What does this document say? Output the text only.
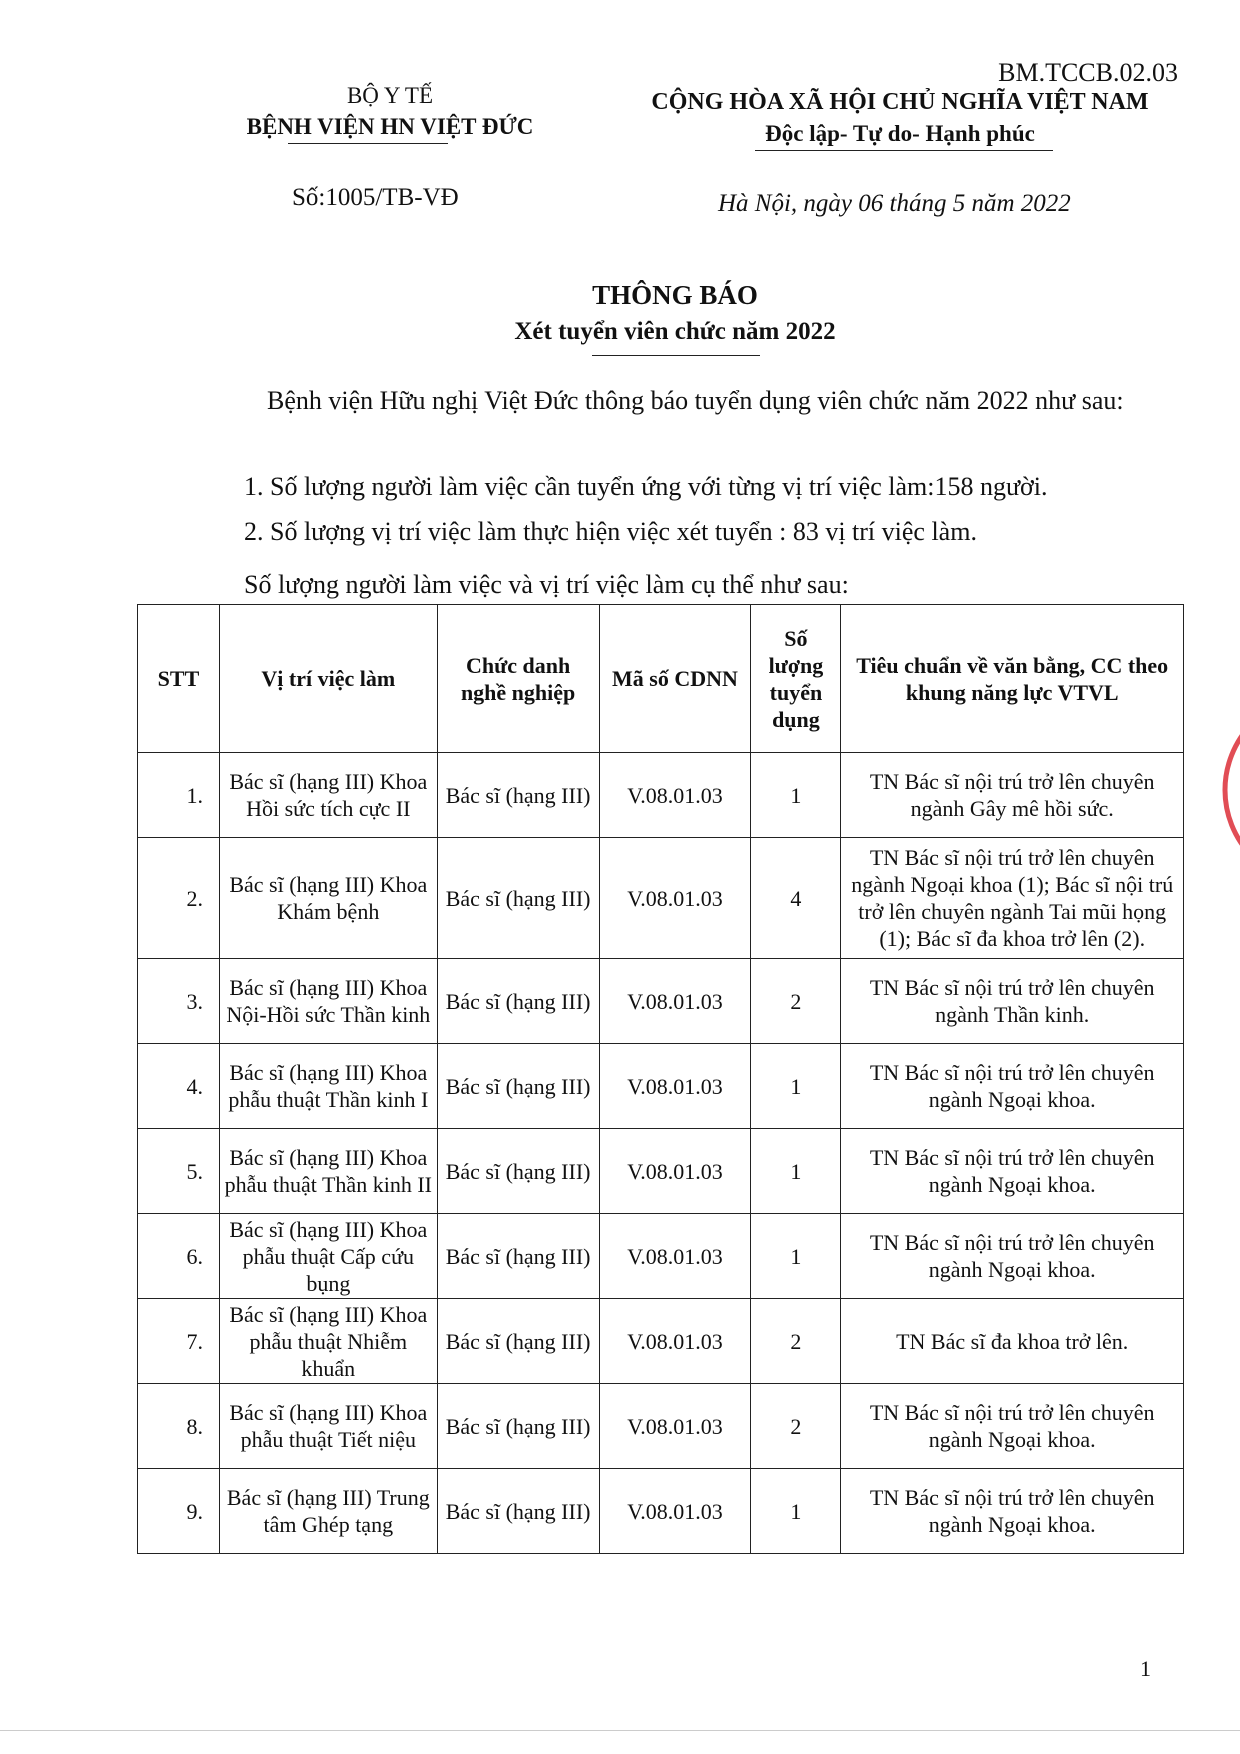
BM.TCCB.02.03
BỘ Y TẾ
BỆNH VIỆN HN VIỆT ĐỨC
CỘNG HÒA XÃ HỘI CHỦ NGHĨA VIỆT NAM
Độc lập- Tự do- Hạnh phúc
Số:1005/TB-VĐ	Hà Nội, ngày 06 tháng 5 năm 2022
THÔNG BÁO
Xét tuyển viên chức năm 2022
Bệnh viện Hữu nghị Việt Đức thông báo tuyển dụng viên chức năm 2022 như sau:
1. Số lượng người làm việc cần tuyển ứng với từng vị trí việc làm:158 người.
2. Số lượng vị trí việc làm thực hiện việc xét tuyển : 83 vị trí việc làm.
Số lượng người làm việc và vị trí việc làm cụ thể như sau:
STT	Vị trí việc làm	Chức danh nghề nghiệp	Mã số CDNN	Số lượng tuyển dụng	Tiêu chuẩn về văn bằng, CC theo khung năng lực VTVL
1.	Bác sĩ (hạng III) Khoa Hồi sức tích cực II	Bác sĩ (hạng III)	V.08.01.03	1	TN Bác sĩ nội trú trở lên chuyên ngành Gây mê hồi sức.
2.	Bác sĩ (hạng III) Khoa Khám bệnh	Bác sĩ (hạng III)	V.08.01.03	4	TN Bác sĩ nội trú trở lên chuyên ngành Ngoại khoa (1); Bác sĩ nội trú trở lên chuyên ngành Tai mũi họng (1); Bác sĩ đa khoa trở lên (2).
3.	Bác sĩ (hạng III) Khoa Nội-Hồi sức Thần kinh	Bác sĩ (hạng III)	V.08.01.03	2	TN Bác sĩ nội trú trở lên chuyên ngành Thần kinh.
4.	Bác sĩ (hạng III) Khoa phẫu thuật Thần kinh I	Bác sĩ (hạng III)	V.08.01.03	1	TN Bác sĩ nội trú trở lên chuyên ngành Ngoại khoa.
5.	Bác sĩ (hạng III) Khoa phẫu thuật Thần kinh II	Bác sĩ (hạng III)	V.08.01.03	1	TN Bác sĩ nội trú trở lên chuyên ngành Ngoại khoa.
6.	Bác sĩ (hạng III) Khoa phẫu thuật Cấp cứu bụng	Bác sĩ (hạng III)	V.08.01.03	1	TN Bác sĩ nội trú trở lên chuyên ngành Ngoại khoa.
7.	Bác sĩ (hạng III) Khoa phẫu thuật Nhiễm khuẩn	Bác sĩ (hạng III)	V.08.01.03	2	TN Bác sĩ đa khoa trở lên.
8.	Bác sĩ (hạng III) Khoa phẫu thuật Tiết niệu	Bác sĩ (hạng III)	V.08.01.03	2	TN Bác sĩ nội trú trở lên chuyên ngành Ngoại khoa.
9.	Bác sĩ (hạng III) Trung tâm Ghép tạng	Bác sĩ (hạng III)	V.08.01.03	1	TN Bác sĩ nội trú trở lên chuyên ngành Ngoại khoa.
1
